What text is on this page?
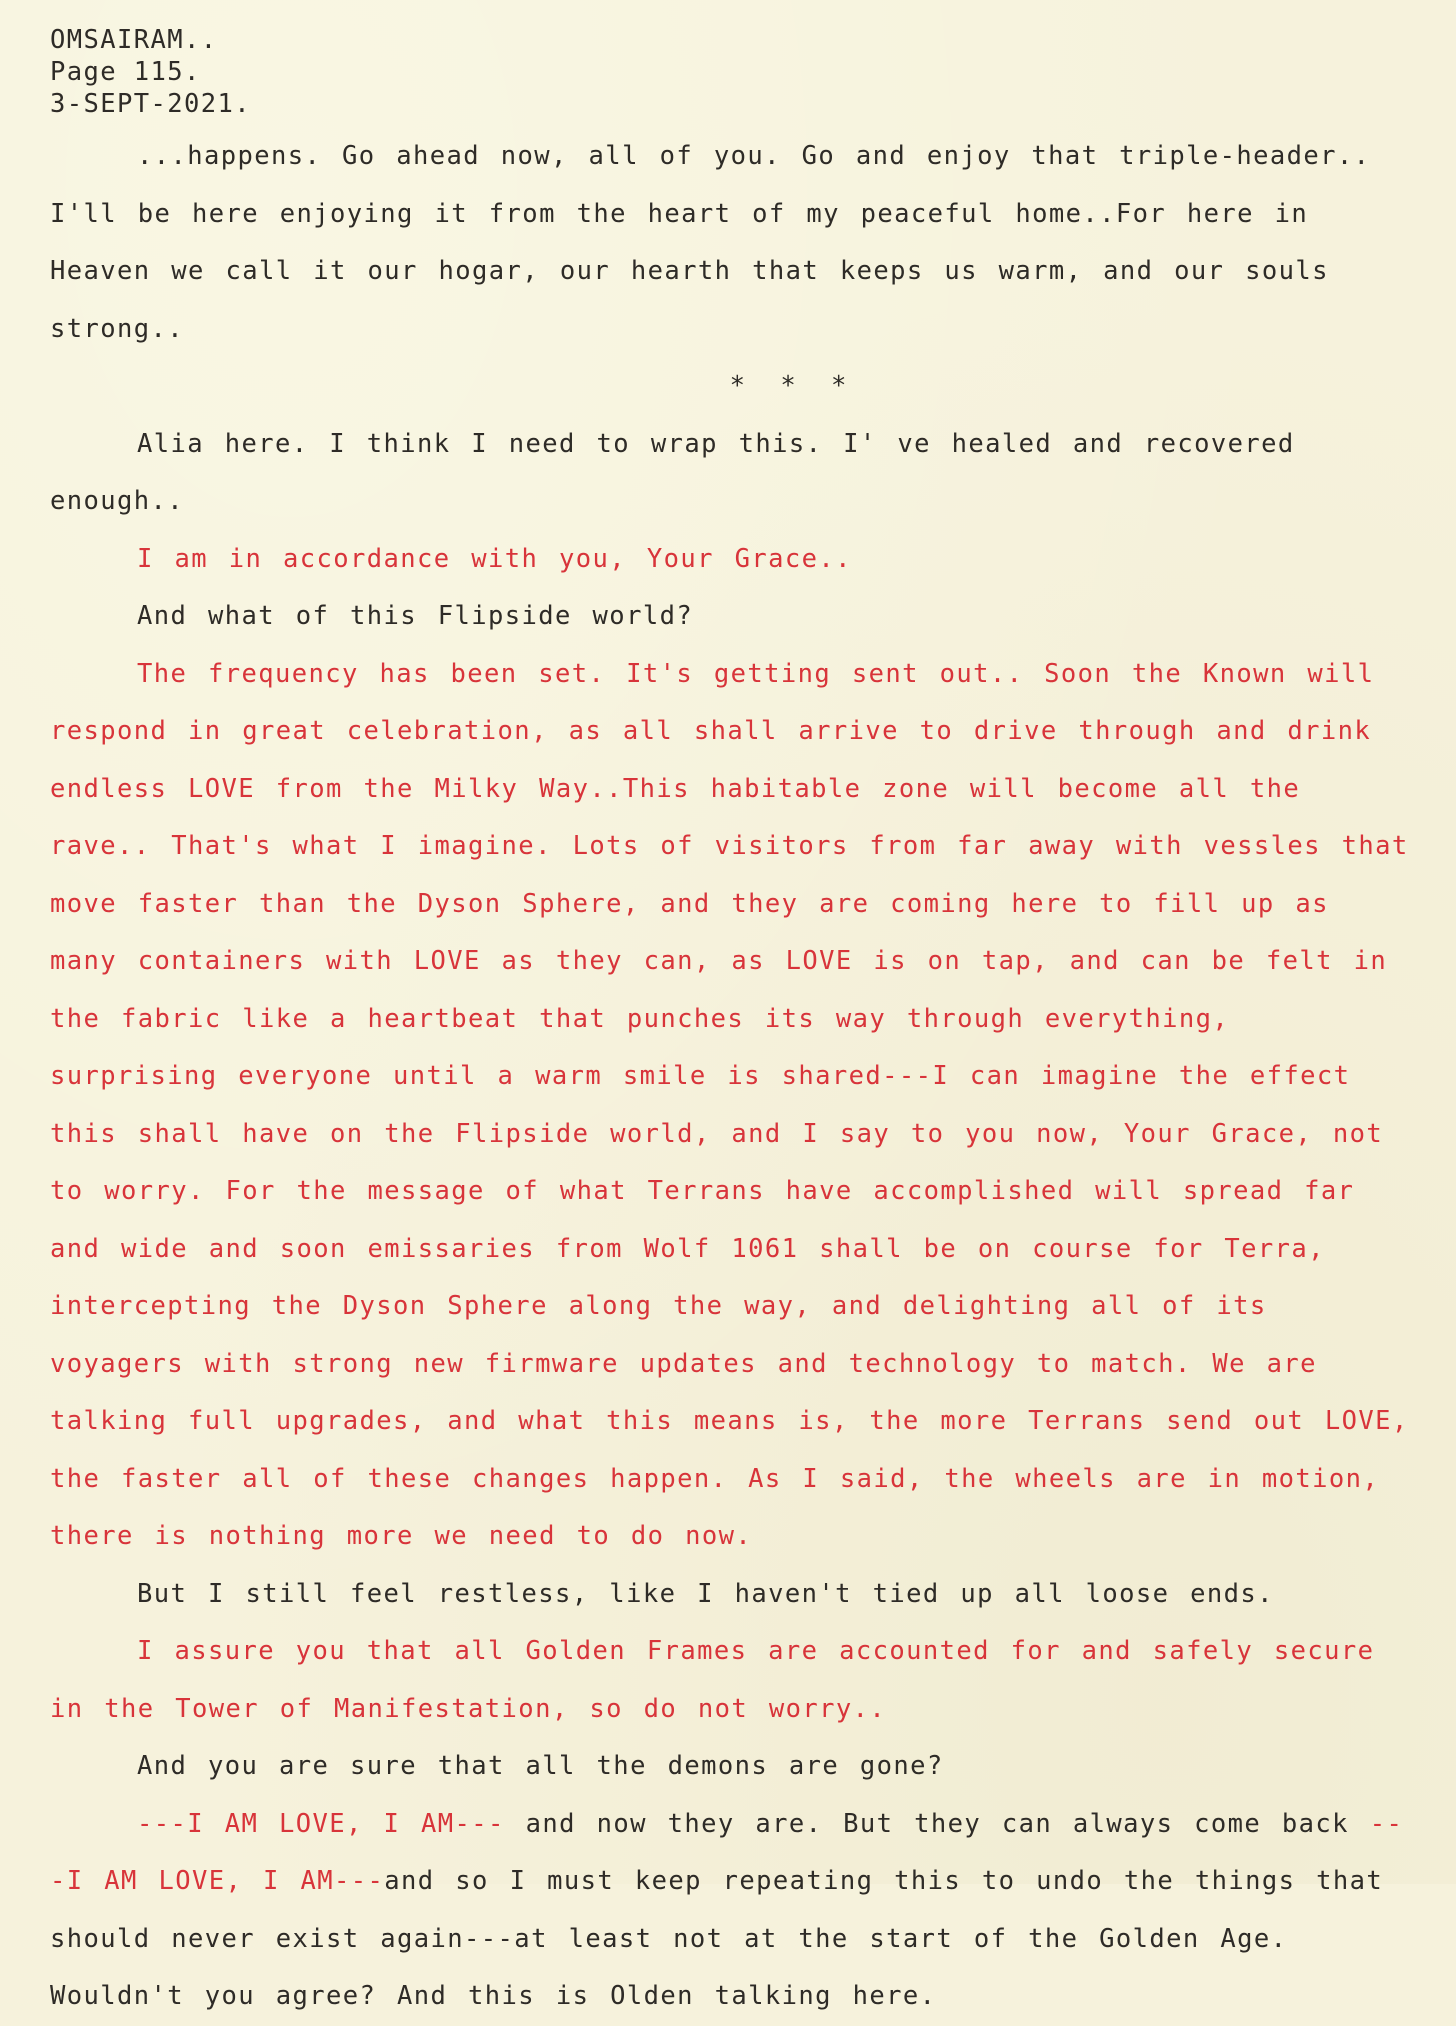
OMSAIRAM..
Page 115.
3-SEPT-2021.

...happens. Go ahead now, all of you. Go and enjoy that triple-header.. I'll be here enjoying it from the heart of my peaceful home..For here in Heaven we call it our hogar, our hearth that keeps us warm, and our souls strong..

* * *

Alia here. I think I need to wrap this. I' ve healed and recovered enough..

I am in accordance with you, Your Grace..

And what of this Flipside world?

The frequency has been set. It's getting sent out.. Soon the Known will respond in great celebration, as all shall arrive to drive through and drink endless LOVE from the Milky Way..This habitable zone will become all the rave.. That's what I imagine. Lots of visitors from far away with vessles that move faster than the Dyson Sphere, and they are coming here to fill up as many containers with LOVE as they can, as LOVE is on tap, and can be felt in the fabric like a heartbeat that punches its way through everything, surprising everyone until a warm smile is shared---I can imagine the effect this shall have on the Flipside world, and I say to you now, Your Grace, not to worry. For the message of what Terrans have accomplished will spread far and wide and soon emissaries from Wolf 1061 shall be on course for Terra, intercepting the Dyson Sphere along the way, and delighting all of its voyagers with strong new firmware updates and technology to match. We are talking full upgrades, and what this means is, the more Terrans send out LOVE, the faster all of these changes happen. As I said, the wheels are in motion, there is nothing more we need to do now.

But I still feel restless, like I haven't tied up all loose ends.

I assure you that all Golden Frames are accounted for and safely secure in the Tower of Manifestation, so do not worry..

And you are sure that all the demons are gone?

---I AM LOVE, I AM--- and now they are. But they can always come back ---I AM LOVE, I AM---and so I must keep repeating this to undo the things that should never exist again---at least not at the start of the Golden Age. Wouldn't you agree? And this is Olden talking here.
